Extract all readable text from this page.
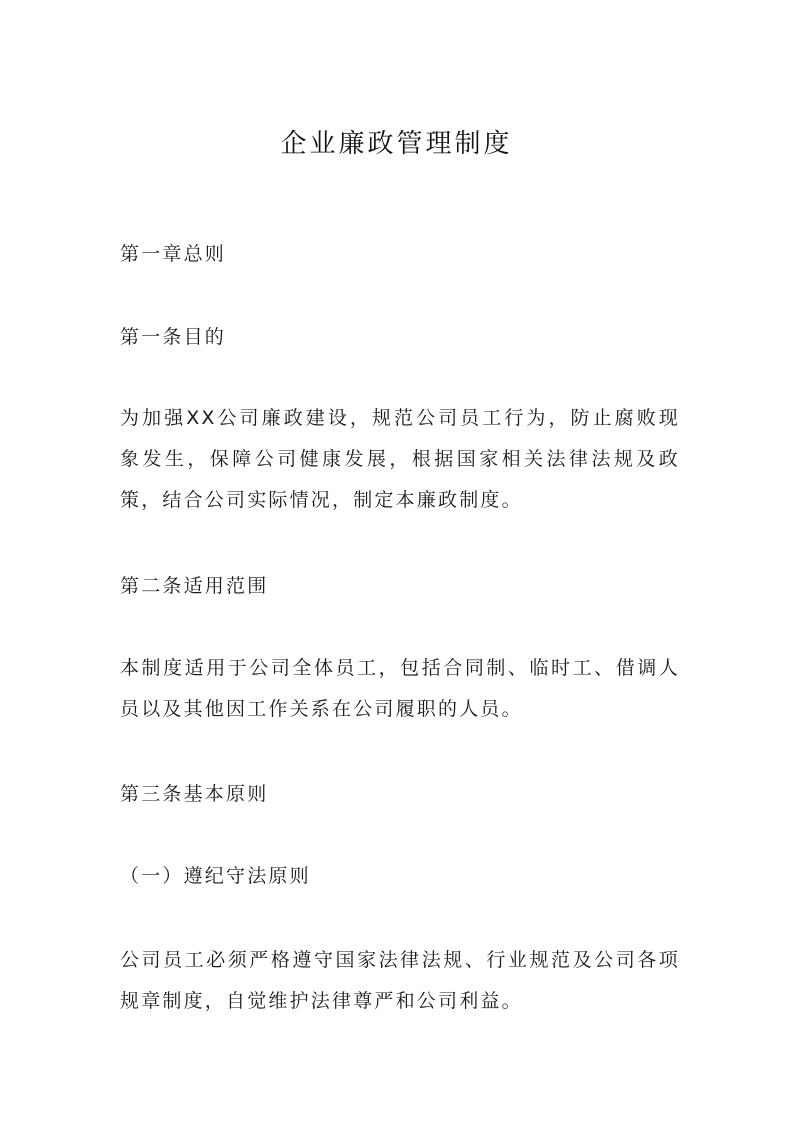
企业廉政管理制度

第一章总则

第一条目的

为加强XX公司廉政建设，规范公司员工行为，防止腐败现象发生，保障公司健康发展，根据国家相关法律法规及政策，结合公司实际情况，制定本廉政制度。

第二条适用范围

本制度适用于公司全体员工，包括合同制、临时工、借调人员以及其他因工作关系在公司履职的人员。

第三条基本原则

（一）遵纪守法原则

公司员工必须严格遵守国家法律法规、行业规范及公司各项规章制度，自觉维护法律尊严和公司利益。
